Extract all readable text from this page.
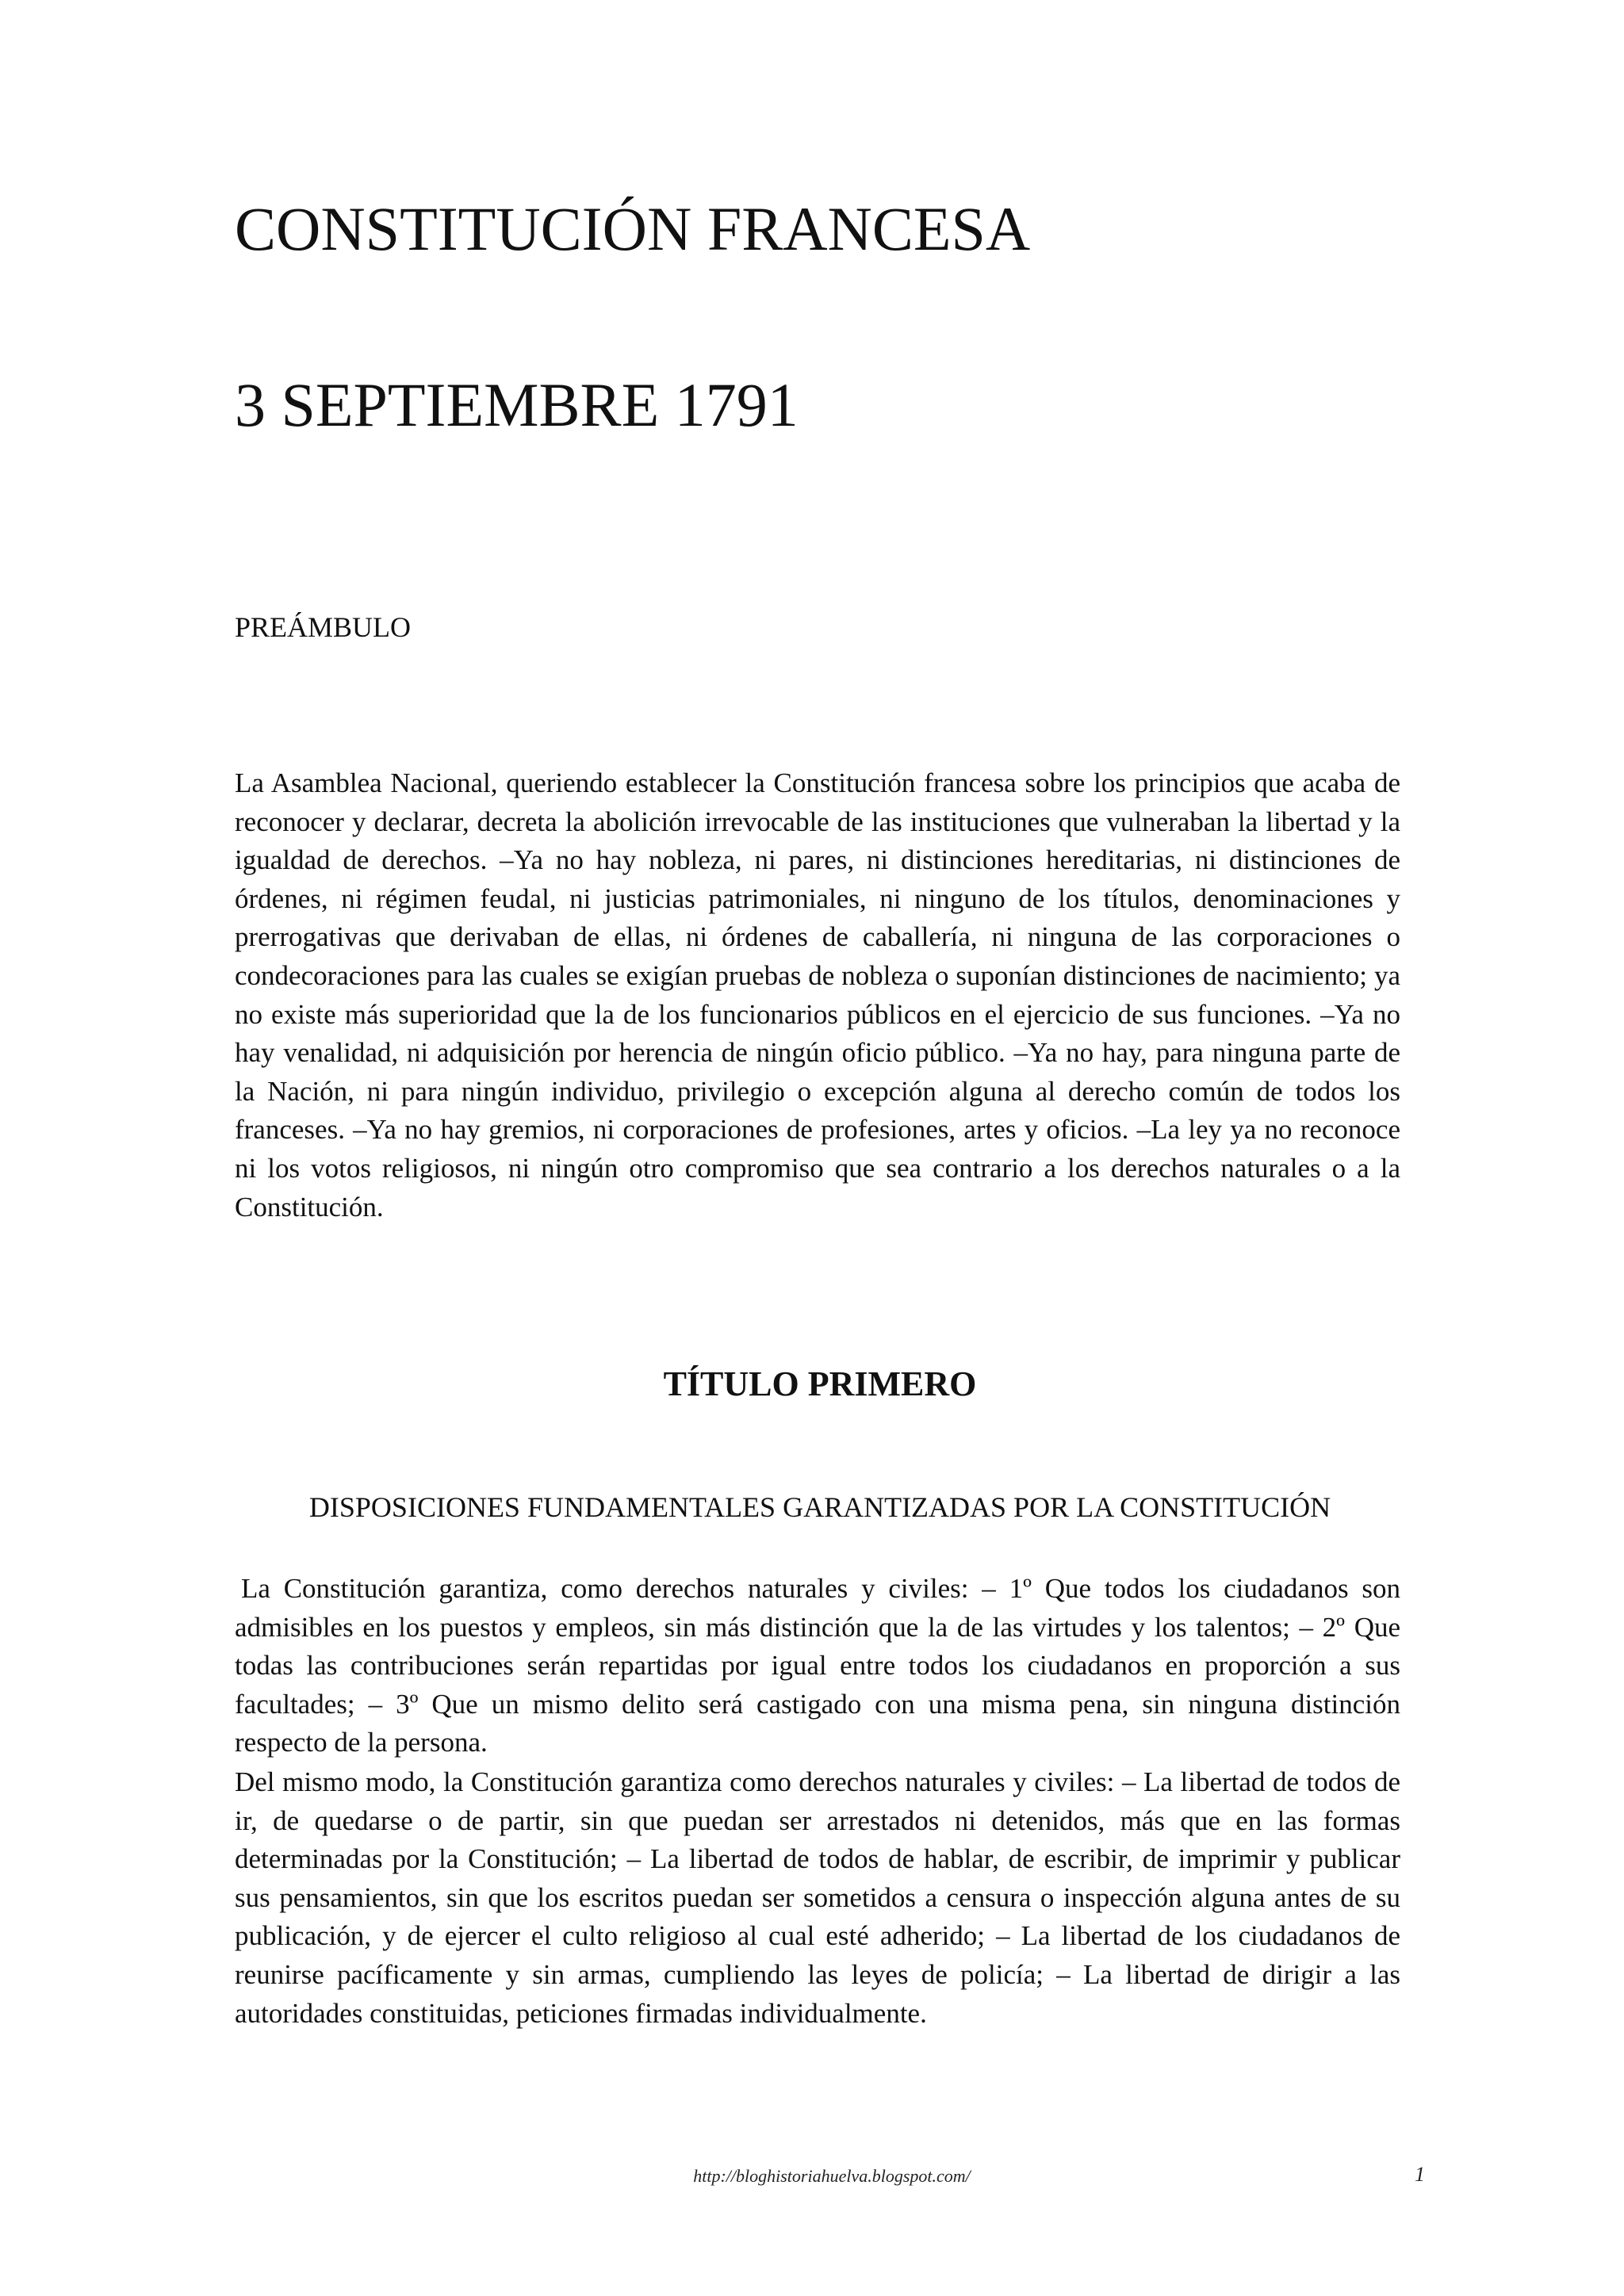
CONSTITUCIÓN FRANCESA
3 SEPTIEMBRE 1791
PREÁMBULO

La Asamblea Nacional, queriendo establecer la Constitución francesa sobre los principios que acaba de reconocer y declarar, decreta la abolición irrevocable de las instituciones que vulneraban la libertad y la igualdad de derechos. –Ya no hay nobleza, ni pares, ni distinciones hereditarias, ni distinciones de órdenes, ni régimen feudal, ni justicias patrimoniales, ni ninguno de los títulos, denominaciones y prerrogativas que derivaban de ellas, ni órdenes de caballería, ni ninguna de las corporaciones o condecoraciones para las cuales se exigían pruebas de nobleza o suponían distinciones de nacimiento; ya no existe más superioridad que la de los funcionarios públicos en el ejercicio de sus funciones. –Ya no hay venalidad, ni adquisición por herencia de ningún oficio público. –Ya no hay, para ninguna parte de la Nación, ni para ningún individuo, privilegio o excepción alguna al derecho común de todos los franceses. –Ya no hay gremios, ni corporaciones de profesiones, artes y oficios. –La ley ya no reconoce ni los votos religiosos, ni ningún otro compromiso que sea contrario a los derechos naturales o a la Constitución.

TÍTULO PRIMERO
DISPOSICIONES FUNDAMENTALES GARANTIZADAS POR LA CONSTITUCIÓN

La Constitución garantiza, como derechos naturales y civiles: – 1º Que todos los ciudadanos son admisibles en los puestos y empleos, sin más distinción que la de las virtudes y los talentos; – 2º Que todas las contribuciones serán repartidas por igual entre todos los ciudadanos en proporción a sus facultades; – 3º Que un mismo delito será castigado con una misma pena, sin ninguna distinción respecto de la persona.

Del mismo modo, la Constitución garantiza como derechos naturales y civiles: – La libertad de todos de ir, de quedarse o de partir, sin que puedan ser arrestados ni detenidos, más que en las formas determinadas por la Constitución; – La libertad de todos de hablar, de escribir, de imprimir y publicar sus pensamientos, sin que los escritos puedan ser sometidos a censura o inspección alguna antes de su publicación, y de ejercer el culto religioso al cual esté adherido; – La libertad de los ciudadanos de reunirse pacíficamente y sin armas, cumpliendo las leyes de policía; – La libertad de dirigir a las autoridades constituidas, peticiones firmadas individualmente.

http://bloghistoriahuelva.blogspot.com/	1
